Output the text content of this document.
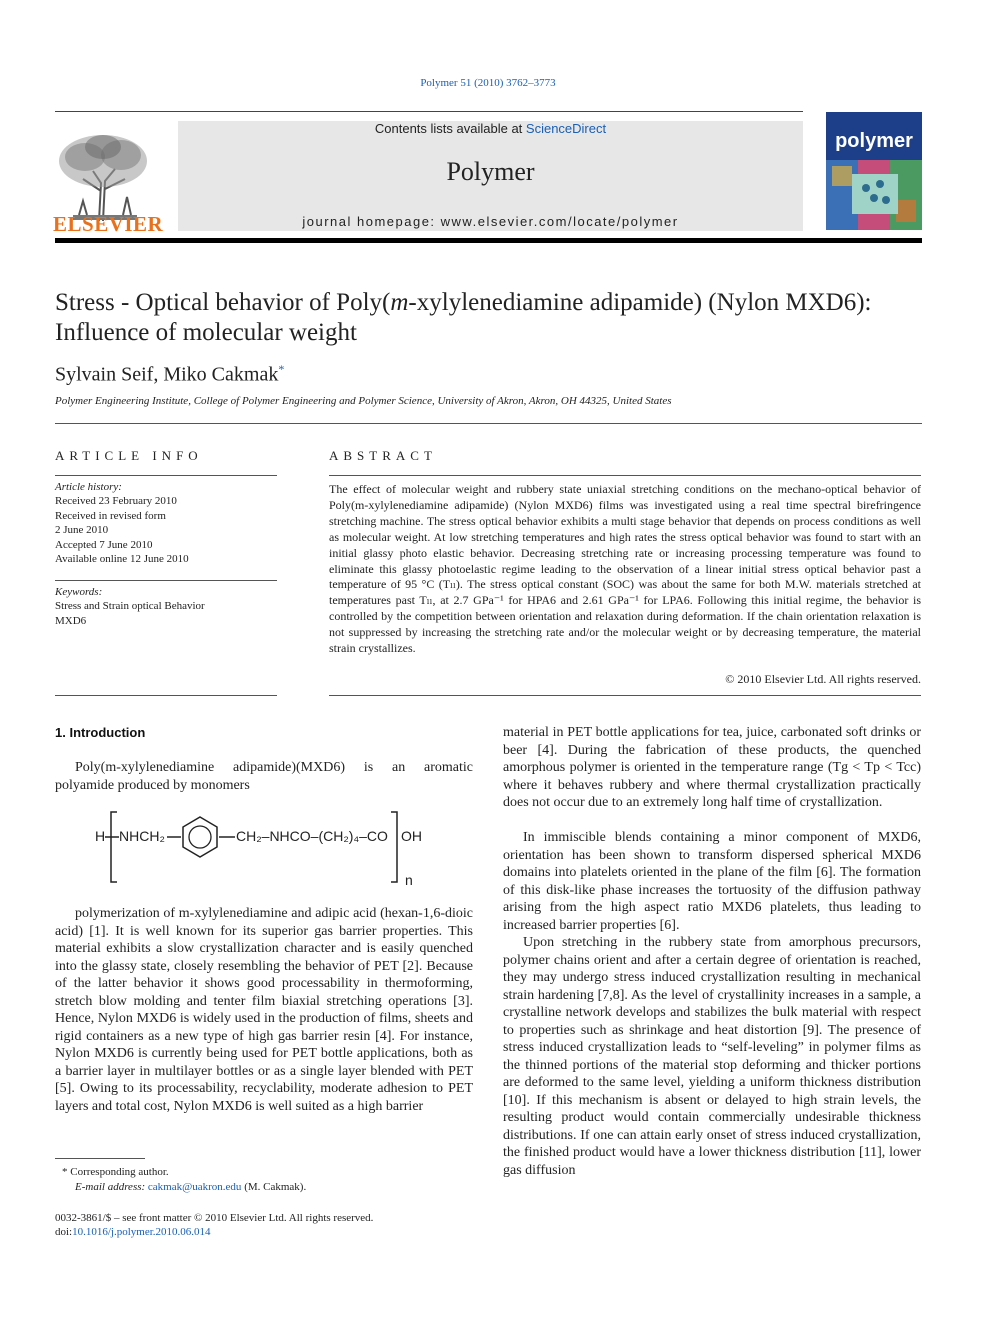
Polymer 51 (2010) 3762–3773
ELSEVIER
Contents lists available at ScienceDirect
Polymer
journal homepage: www.elsevier.com/locate/polymer
polymer
Stress - Optical behavior of Poly(m-xylylenediamine adipamide) (Nylon MXD6):
Influence of molecular weight
Sylvain Seif, Miko Cakmak*
Polymer Engineering Institute, College of Polymer Engineering and Polymer Science, University of Akron, Akron, OH 44325, United States
ARTICLE INFO
Article history:
Received 23 February 2010
Received in revised form
2 June 2010
Accepted 7 June 2010
Available online 12 June 2010
Keywords:
Stress and Strain optical Behavior
MXD6
ABSTRACT
The effect of molecular weight and rubbery state uniaxial stretching conditions on the mechano-optical behavior of Poly(m-xylylenediamine adipamide) (Nylon MXD6) films was investigated using a real time spectral birefringence stretching machine. The stress optical behavior exhibits a multi stage behavior that depends on process conditions as well as molecular weight. At low stretching temperatures and high rates the stress optical behavior was found to start with an initial glassy photo elastic behavior. Decreasing stretching rate or increasing processing temperature was found to eliminate this glassy photoelastic regime leading to the observation of a linear initial stress optical behavior past a temperature of 95 °C (Tₗₗ). The stress optical constant (SOC) was about the same for both M.W. materials stretched at temperatures past Tₗₗ, at 2.7 GPa⁻¹ for HPA6 and 2.61 GPa⁻¹ for LPA6. Following this initial regime, the behavior is controlled by the competition between orientation and relaxation during deformation. If the chain orientation relaxation is not suppressed by increasing the stretching rate and/or the molecular weight or by decreasing temperature, the material strain crystallizes.
© 2010 Elsevier Ltd. All rights reserved.
1. Introduction
Poly(m-xylylenediamine adipamide)(MXD6) is an aromatic polyamide produced by monomers
H NHCH₂	CH₂–NHCO–(CH₂)₄–CO OH
n
polymerization of m-xylylenediamine and adipic acid (hexan-1,6-dioic acid) [1]. It is well known for its superior gas barrier properties. This material exhibits a slow crystallization character and is easily quenched into the glassy state, closely resembling the behavior of PET [2]. Because of the latter behavior it shows good processability in thermoforming, stretch blow molding and tenter film biaxial stretching operations [3]. Hence, Nylon MXD6 is widely used in the production of films, sheets and rigid containers as a new type of high gas barrier resin [4]. For instance, Nylon MXD6 is currently being used for PET bottle applications, both as a barrier layer in multilayer bottles or as a single layer blended with PET [5]. Owing to its processability, recyclability, moderate adhesion to PET layers and total cost, Nylon MXD6 is well suited as a high barrier
material in PET bottle applications for tea, juice, carbonated soft drinks or beer [4]. During the fabrication of these products, the quenched amorphous polymer is oriented in the temperature range (Tg < Tp < Tcc) where it behaves rubbery and where thermal crystallization practically does not occur due to an extremely long half time of crystallization.
In immiscible blends containing a minor component of MXD6, orientation has been shown to transform dispersed spherical MXD6 domains into platelets oriented in the plane of the film [6]. The formation of this disk-like phase increases the tortuosity of the diffusion pathway arising from the high aspect ratio MXD6 platelets, thus leading to increased barrier properties [6].
Upon stretching in the rubbery state from amorphous precursors, polymer chains orient and after a certain degree of orientation is reached, they may undergo stress induced crystallization resulting in mechanical strain hardening [7,8]. As the level of crystallinity increases in a sample, a crystalline network develops and stabilizes the bulk material with respect to properties such as shrinkage and heat distortion [9]. The presence of stress induced crystallization leads to “self-leveling” in polymer films as the thinned portions of the material stop deforming and thicker portions are deformed to the same level, yielding a uniform thickness distribution [10]. If this mechanism is absent or delayed to high strain levels, the resulting product would contain commercially undesirable thickness distributions. If one can attain early onset of stress induced crystallization, the finished product would have a lower thickness distribution [11], lower gas diffusion
* Corresponding author.
E-mail address: cakmak@uakron.edu (M. Cakmak).
0032-3861/$ – see front matter © 2010 Elsevier Ltd. All rights reserved.
doi:10.1016/j.polymer.2010.06.014
